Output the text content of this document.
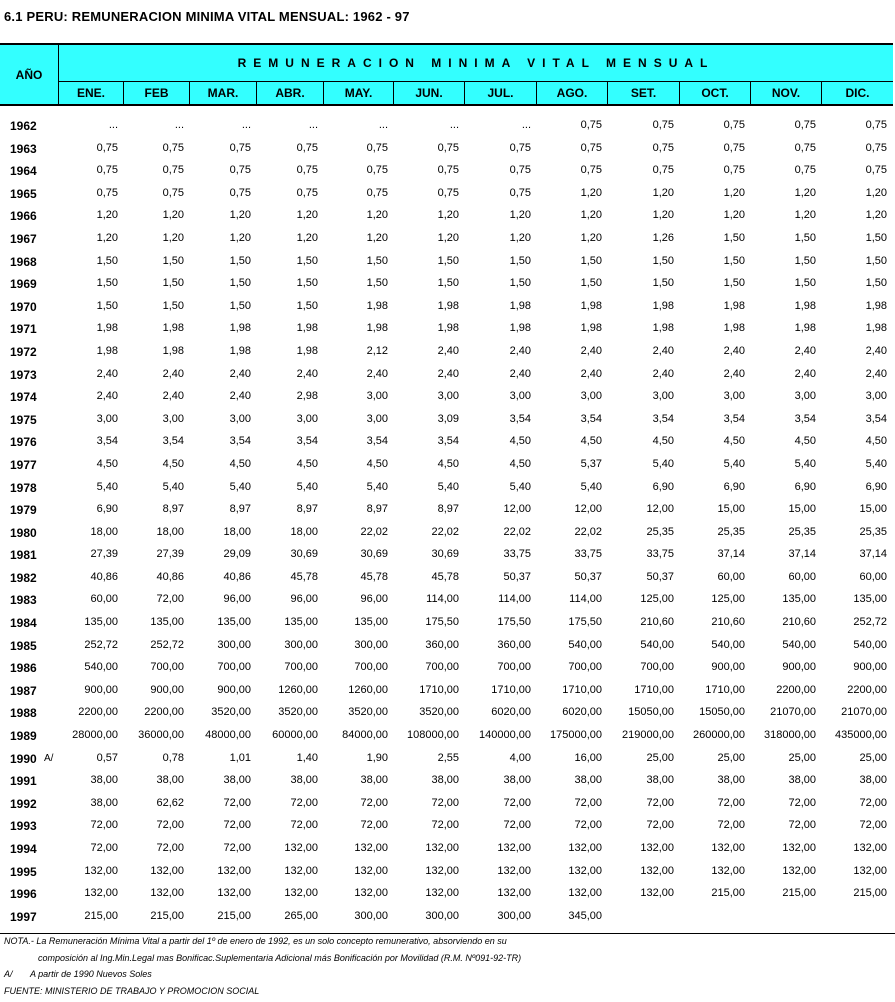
6.1 PERU: REMUNERACION MINIMA VITAL MENSUAL: 1962 - 97
AÑO
REMUNERACION MINIMA VITAL MENSUAL
ENE.	FEB	MAR.	ABR.	MAY.	JUN.	JUL.	AGO.	SET.	OCT.	NOV.	DIC.
1962	...	...	...	...	...	...	...	0,75	0,75	0,75	0,75	0,75
1963	0,75	0,75	0,75	0,75	0,75	0,75	0,75	0,75	0,75	0,75	0,75	0,75
1964	0,75	0,75	0,75	0,75	0,75	0,75	0,75	0,75	0,75	0,75	0,75	0,75
1965	0,75	0,75	0,75	0,75	0,75	0,75	0,75	1,20	1,20	1,20	1,20	1,20
1966	1,20	1,20	1,20	1,20	1,20	1,20	1,20	1,20	1,20	1,20	1,20	1,20
1967	1,20	1,20	1,20	1,20	1,20	1,20	1,20	1,20	1,26	1,50	1,50	1,50
1968	1,50	1,50	1,50	1,50	1,50	1,50	1,50	1,50	1,50	1,50	1,50	1,50
1969	1,50	1,50	1,50	1,50	1,50	1,50	1,50	1,50	1,50	1,50	1,50	1,50
1970	1,50	1,50	1,50	1,50	1,98	1,98	1,98	1,98	1,98	1,98	1,98	1,98
1971	1,98	1,98	1,98	1,98	1,98	1,98	1,98	1,98	1,98	1,98	1,98	1,98
1972	1,98	1,98	1,98	1,98	2,12	2,40	2,40	2,40	2,40	2,40	2,40	2,40
1973	2,40	2,40	2,40	2,40	2,40	2,40	2,40	2,40	2,40	2,40	2,40	2,40
1974	2,40	2,40	2,40	2,98	3,00	3,00	3,00	3,00	3,00	3,00	3,00	3,00
1975	3,00	3,00	3,00	3,00	3,00	3,09	3,54	3,54	3,54	3,54	3,54	3,54
1976	3,54	3,54	3,54	3,54	3,54	3,54	4,50	4,50	4,50	4,50	4,50	4,50
1977	4,50	4,50	4,50	4,50	4,50	4,50	4,50	5,37	5,40	5,40	5,40	5,40
1978	5,40	5,40	5,40	5,40	5,40	5,40	5,40	5,40	6,90	6,90	6,90	6,90
1979	6,90	8,97	8,97	8,97	8,97	8,97	12,00	12,00	12,00	15,00	15,00	15,00
1980	18,00	18,00	18,00	18,00	22,02	22,02	22,02	22,02	25,35	25,35	25,35	25,35
1981	27,39	27,39	29,09	30,69	30,69	30,69	33,75	33,75	33,75	37,14	37,14	37,14
1982	40,86	40,86	40,86	45,78	45,78	45,78	50,37	50,37	50,37	60,00	60,00	60,00
1983	60,00	72,00	96,00	96,00	96,00	114,00	114,00	114,00	125,00	125,00	135,00	135,00
1984	135,00	135,00	135,00	135,00	135,00	175,50	175,50	175,50	210,60	210,60	210,60	252,72
1985	252,72	252,72	300,00	300,00	300,00	360,00	360,00	540,00	540,00	540,00	540,00	540,00
1986	540,00	700,00	700,00	700,00	700,00	700,00	700,00	700,00	700,00	900,00	900,00	900,00
1987	900,00	900,00	900,00 1260,00	1260,00	1710,00	1710,00	1710,00	1710,00	1710,00	2200,00	2200,00
1988	2200,00 2200,00 3520,00 3520,00	3520,00	3520,00	6020,00	6020,00 15050,00 15050,00 21070,00 21070,00
1989	28000,00 36000,00 48000,00 60000,00 84000,00 108000,00 140000,00 175000,00 219000,00 260000,00 318000,00 435000,00
1990 A/	0,57	0,78	1,01	1,40	1,90	2,55	4,00	16,00	25,00	25,00	25,00	25,00
1991	38,00	38,00	38,00	38,00	38,00	38,00	38,00	38,00	38,00	38,00	38,00	38,00
1992	38,00	62,62	72,00	72,00	72,00	72,00	72,00	72,00	72,00	72,00	72,00	72,00
1993	72,00	72,00	72,00	72,00	72,00	72,00	72,00	72,00	72,00	72,00	72,00	72,00
1994	72,00	72,00	72,00	132,00	132,00	132,00	132,00	132,00	132,00	132,00	132,00	132,00
1995	132,00	132,00	132,00	132,00	132,00	132,00	132,00	132,00	132,00	132,00	132,00	132,00
1996	132,00	132,00	132,00	132,00	132,00	132,00	132,00	132,00	132,00	215,00	215,00	215,00
1997	215,00	215,00	215,00	265,00	300,00	300,00	300,00	345,00
NOTA.- La Remuneración Mínima Vital a partir del 1º de enero de 1992, es un solo concepto remunerativo, absorviendo en su
composición al Ing.Min.Legal mas Bonificac.Suplementaria Adicional más Bonificación por Movilidad (R.M. Nº091-92-TR)
A/ A partir de 1990 Nuevos Soles
FUENTE: MINISTERIO DE TRABAJO Y PROMOCION SOCIAL
